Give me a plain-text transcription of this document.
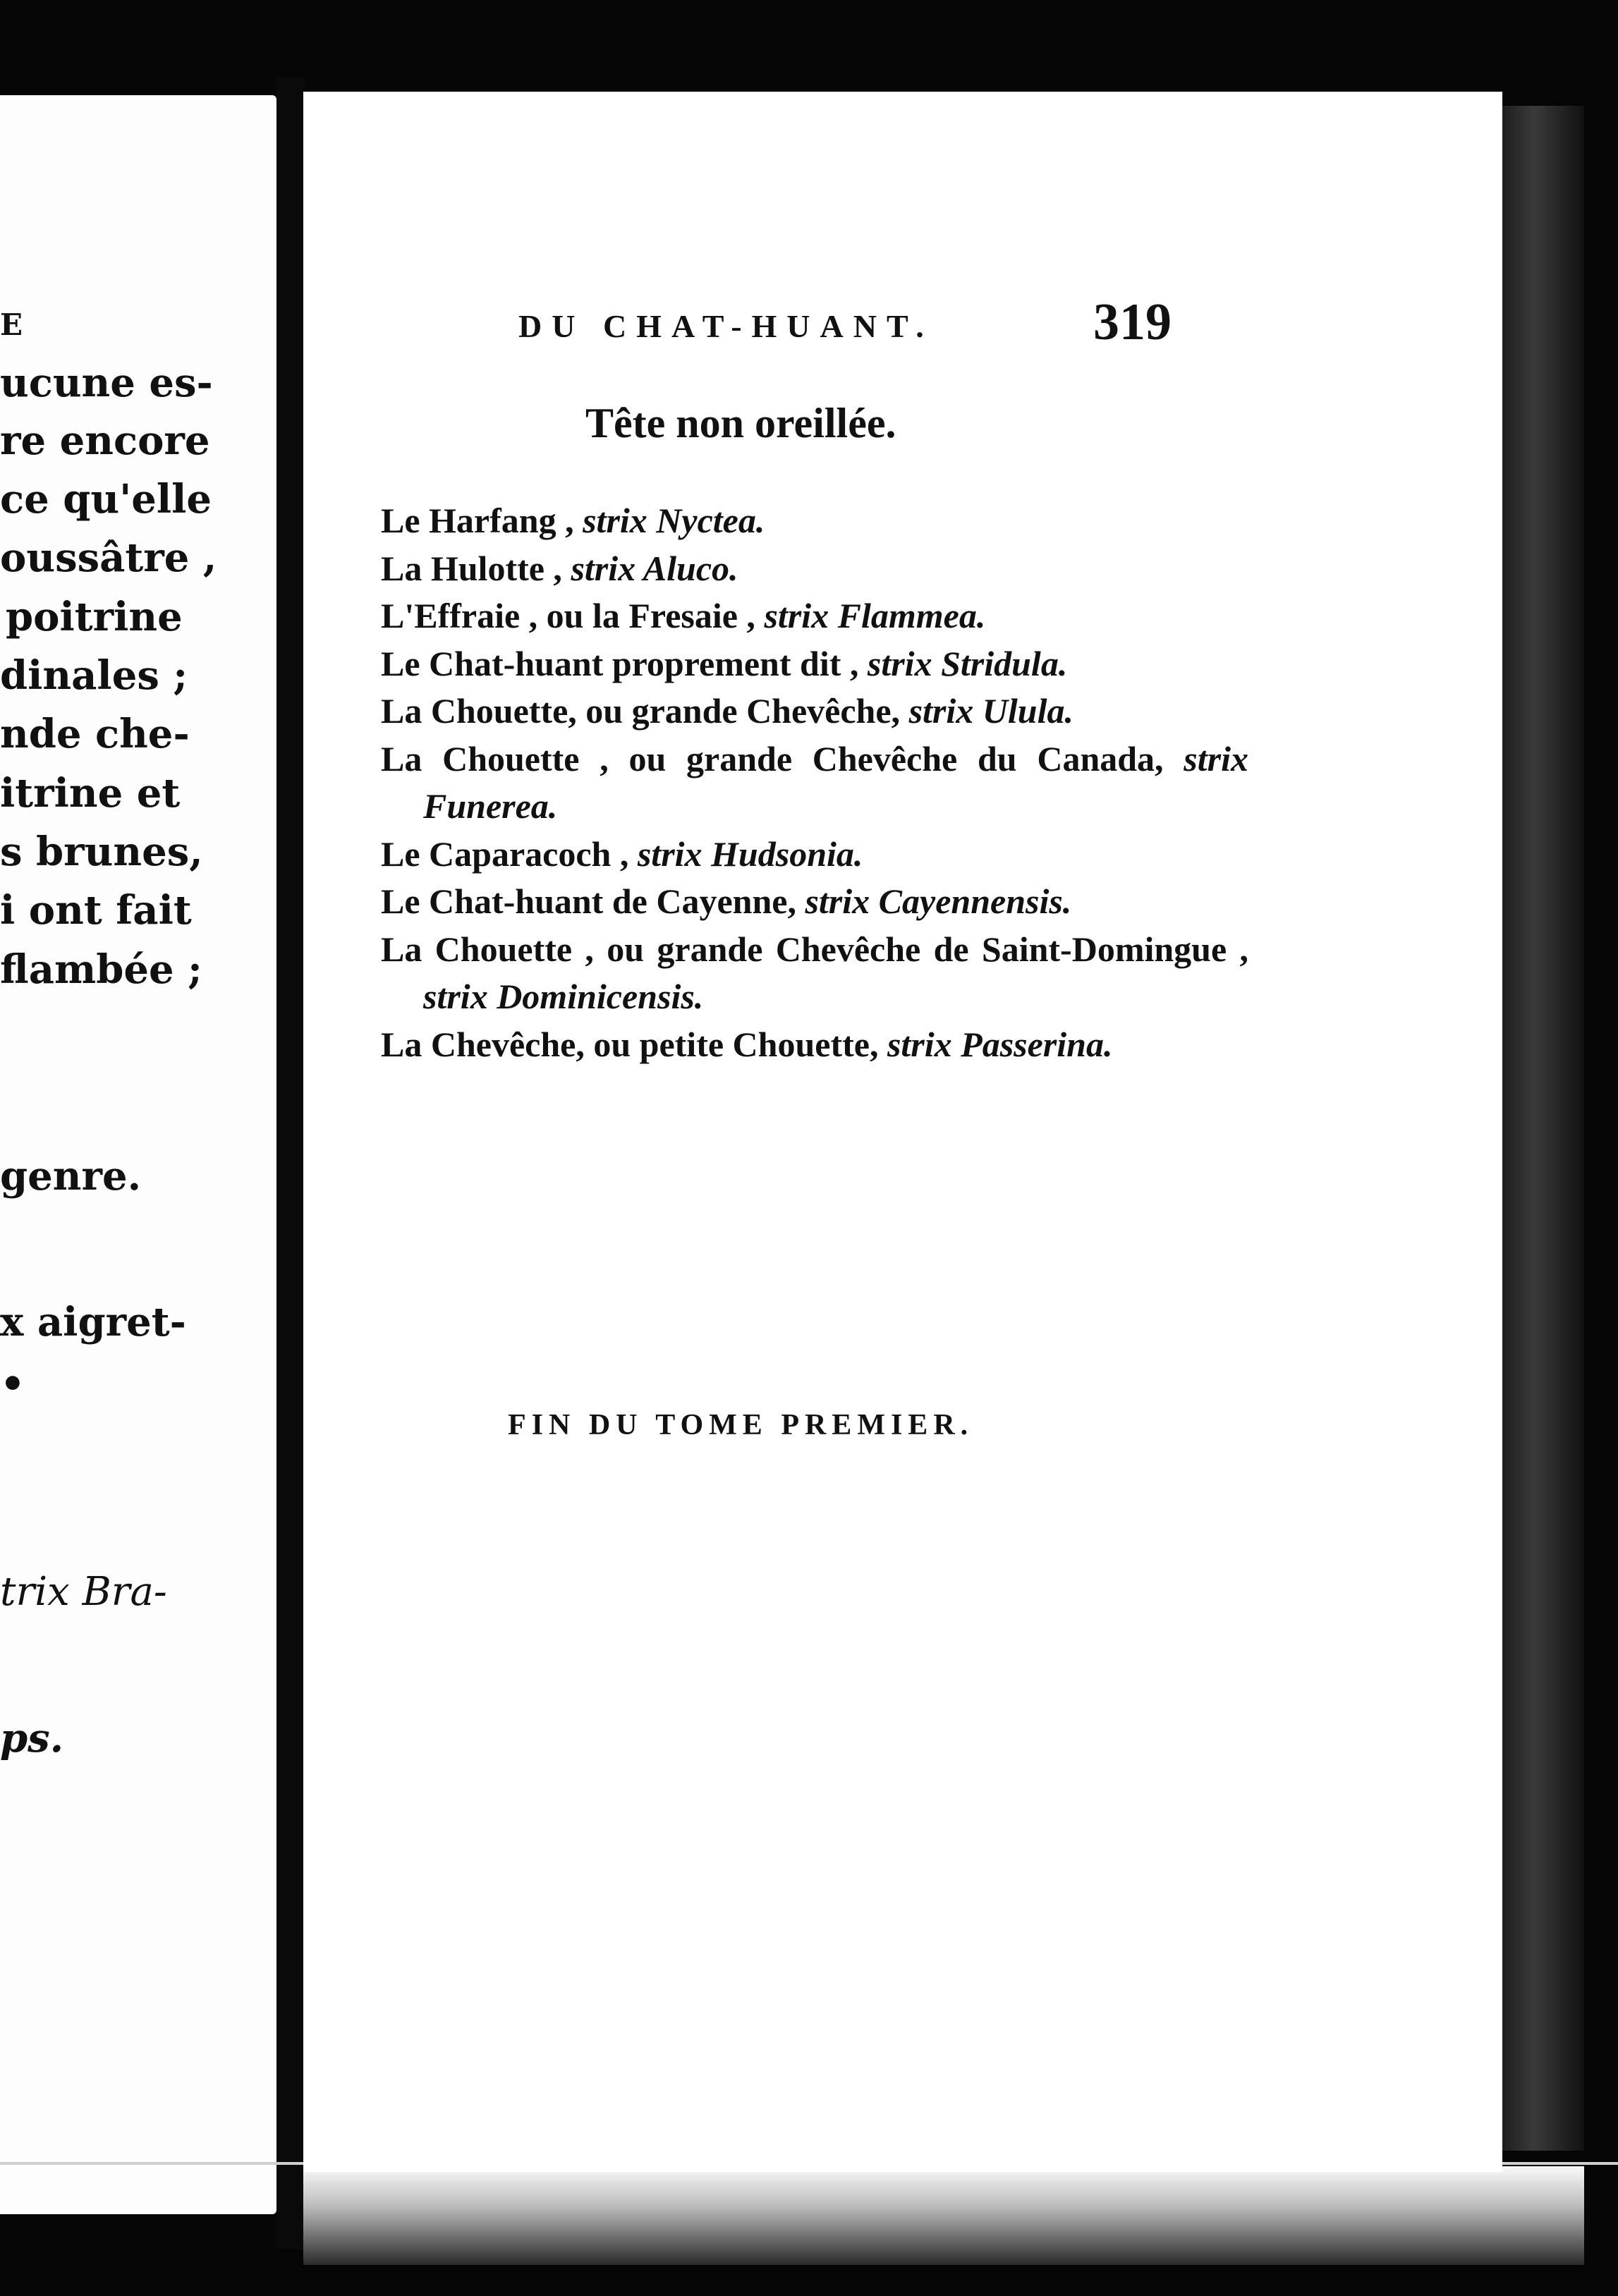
E
ucune es-
re encore
ce qu'elle
oussâtre ,
poitrine
dinales ;
nde che-
itrine et
s brunes,
i ont fait
flambée ;
genre.
x aigret-
•
trix Bra-
ps.
DU CHAT-HUANT.	319
Tête non oreillée.
Le Harfang , strix Nyctea.
La Hulotte , strix Aluco.
L'Effraie , ou la Fresaie , strix Flammea.
Le Chat-huant proprement dit , strix Stridula.
La Chouette, ou grande Chevêche, strix Ulula.
La Chouette , ou grande Chevêche du Canada, strix Funerea.
Le Caparacoch , strix Hudsonia.
Le Chat-huant de Cayenne, strix Cayennensis.
La Chouette , ou grande Chevêche de Saint-Domingue , strix Dominicensis.
La Chevêche, ou petite Chouette, strix Passerina.
FIN DU TOME PREMIER.
